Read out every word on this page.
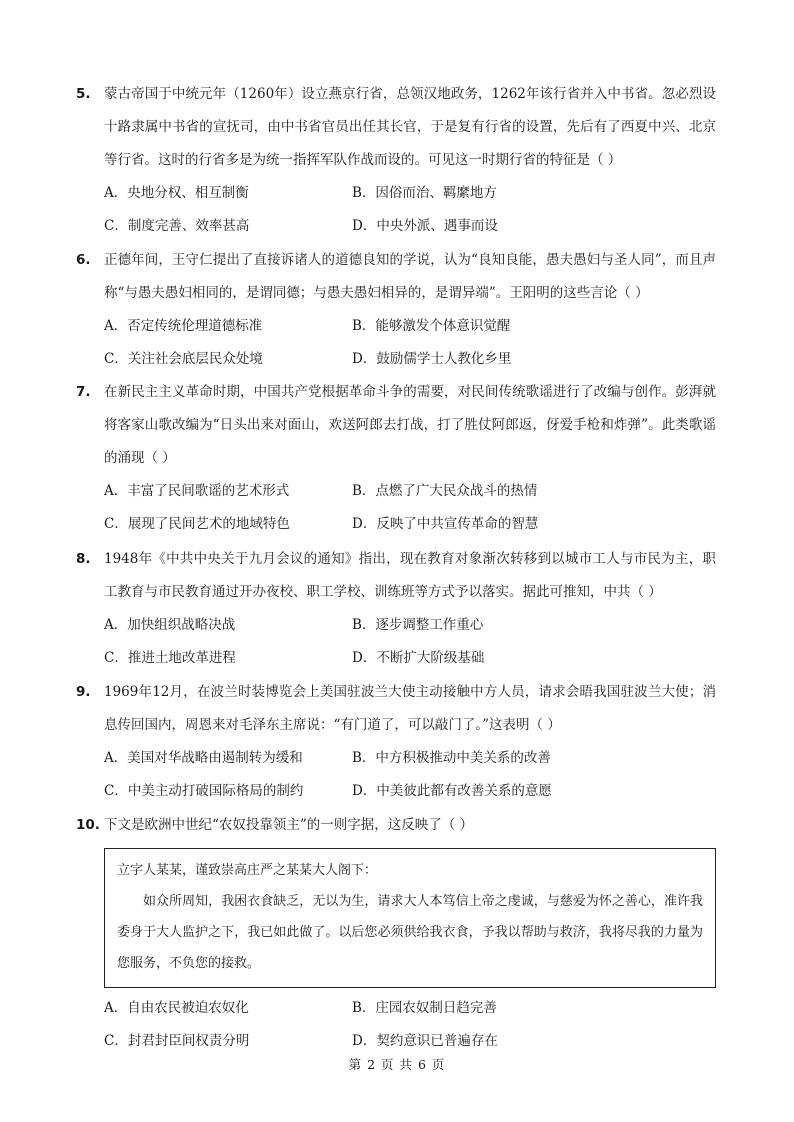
5. 蒙古帝国于中统元年（1260年）设立燕京行省，总领汉地政务，1262年该行省并入中书省。忽必烈设十路隶属中书省的宣抚司，由中书省官员出任其长官，于是复有行省的设置，先后有了西夏中兴、北京等行省。这时的行省多是为统一指挥军队作战而设的。可见这一时期行省的特征是（ ）
A．央地分权、相互制衡	B．因俗而治、羁縻地方
C．制度完善、效率甚高	D．中央外派、遇事而设
6. 正德年间，王守仁提出了直接诉诸人的道德良知的学说，认为“良知良能，愚夫愚妇与圣人同”，而且声称“与愚夫愚妇相同的，是谓同德；与愚夫愚妇相异的，是谓异端”。王阳明的这些言论（ ）
A．否定传统伦理道德标准	B．能够激发个体意识觉醒
C．关注社会底层民众处境	D．鼓励儒学士人教化乡里
7. 在新民主主义革命时期，中国共产党根据革命斗争的需要，对民间传统歌谣进行了改编与创作。彭湃就将客家山歌改编为“日头出来对面山，欢送阿郎去打战，打了胜仗阿郎返，伢爱手枪和炸弹”。此类歌谣的涌现（ ）
A．丰富了民间歌谣的艺术形式	B．点燃了广大民众战斗的热情
C．展现了民间艺术的地域特色	D．反映了中共宣传革命的智慧
8. 1948年《中共中央关于九月会议的通知》指出，现在教育对象渐次转移到以城市工人与市民为主，职工教育与市民教育通过开办夜校、职工学校、训练班等方式予以落实。据此可推知，中共（ ）
A．加快组织战略决战	B．逐步调整工作重心
C．推进土地改革进程	D．不断扩大阶级基础
9. 1969年12月，在波兰时装博览会上美国驻波兰大使主动接触中方人员，请求会晤我国驻波兰大使；消息传回国内，周恩来对毛泽东主席说：“有门道了，可以敲门了。”这表明（ ）
A．美国对华战略由遏制转为缓和	B．中方积极推动中美关系的改善
C．中美主动打破国际格局的制约	D．中美彼此都有改善关系的意愿
10. 下文是欧洲中世纪“农奴投靠领主”的一则字据，这反映了（ ）
立字人某某，谨致崇高庄严之某某大人阁下：
如众所周知，我困衣食缺乏，无以为生，请求大人本笃信上帝之虔诚，与慈爱为怀之善心，准许我委身于大人监护之下，我已如此做了。以后您必须供给我衣食，予我以帮助与救济，我将尽我的力量为您服务，不负您的接救。
A．自由农民被迫农奴化	B．庄园农奴制日趋完善
C．封君封臣间权责分明	D．契约意识已普遍存在
第 2 页 共 6 页
